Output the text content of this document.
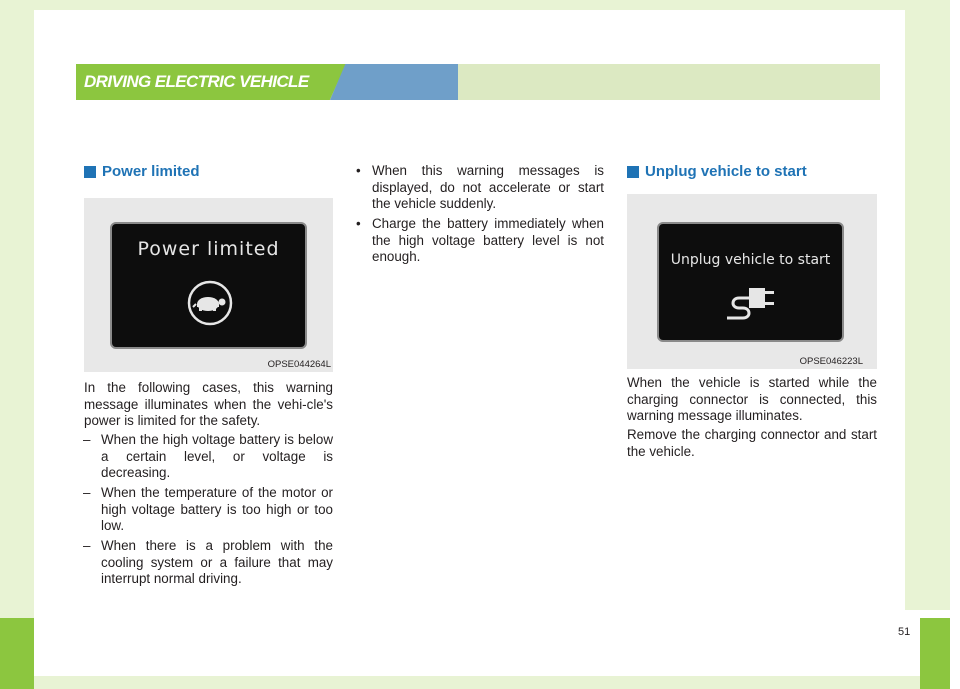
DRIVING ELECTRIC VEHICLE
Power limited
Power limited
OPSE044264L
In the following cases, this warning message illuminates when the vehi-cle's power is limited for the safety.
– When the high voltage battery is below a certain level, or voltage is decreasing.
– When the temperature of the motor or high voltage battery is too high or too low.
– When there is a problem with the cooling system or a failure that may interrupt normal driving.
• When this warning messages is displayed, do not accelerate or start the vehicle suddenly.
• Charge the battery immediately when the high voltage battery level is not enough.
Unplug vehicle to start
Unplug vehicle to start
OPSE046223L
When the vehicle is started while the charging connector is connected, this warning message illuminates.
Remove the charging connector and start the vehicle.
51
